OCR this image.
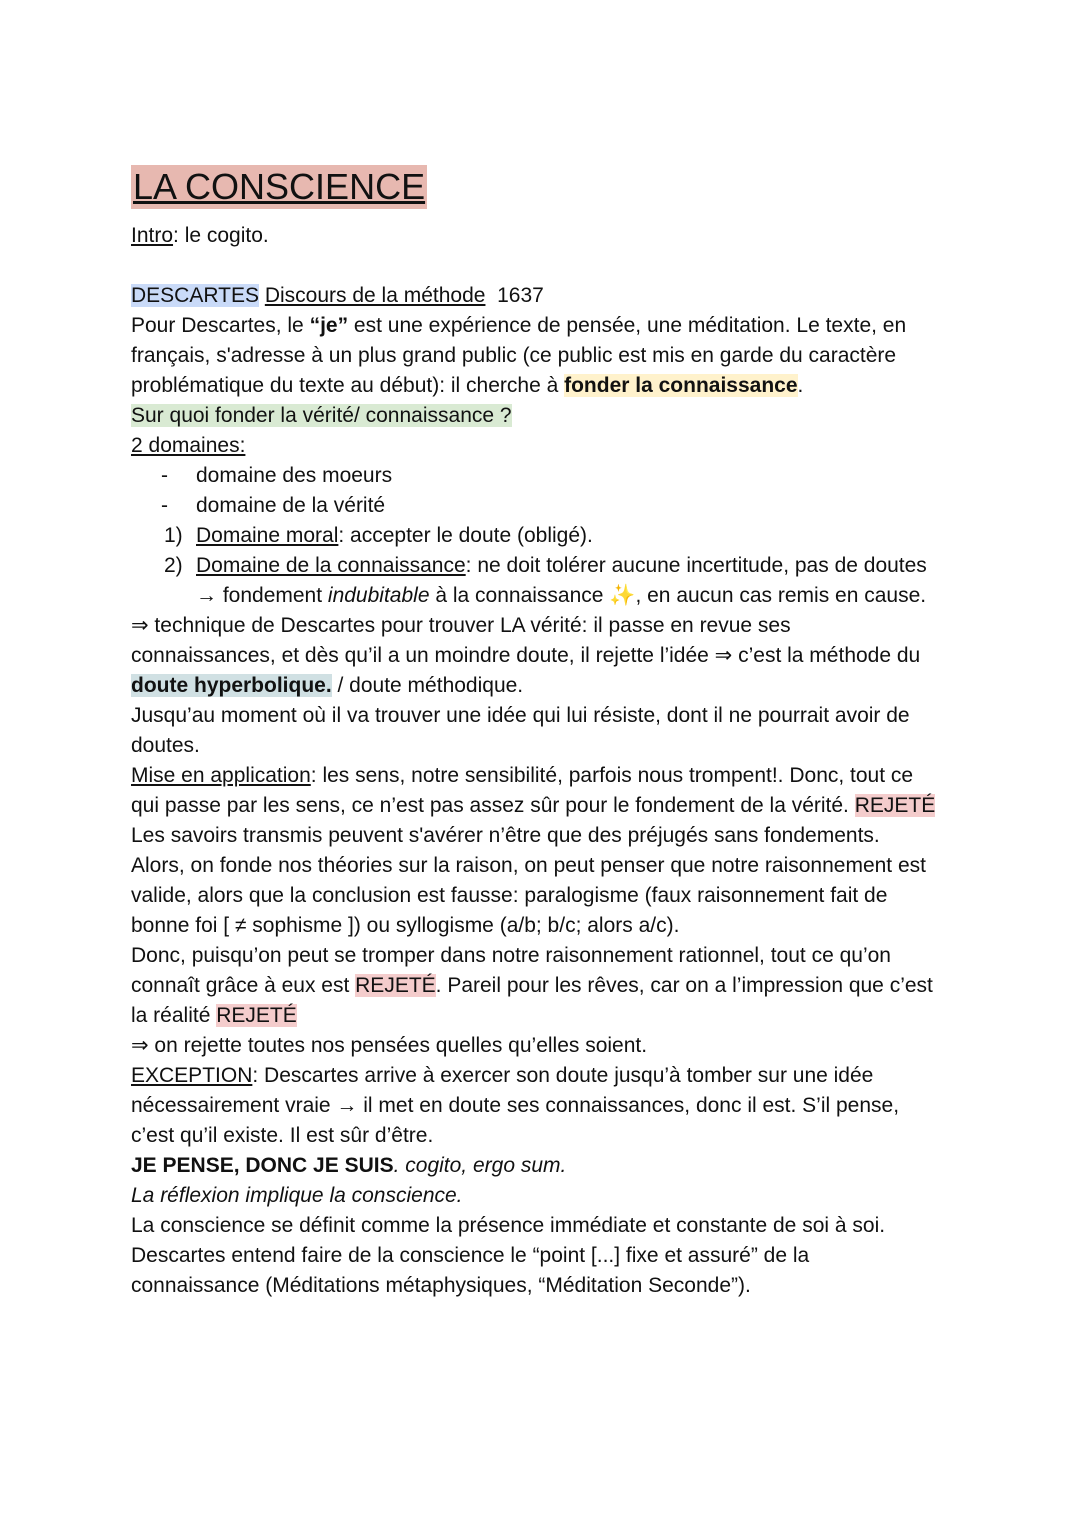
LA CONSCIENCE
Intro: le cogito.
DESCARTES Discours de la méthode 1637
Pour Descartes, le “je” est une expérience de pensée, une méditation. Le texte, en
français, s'adresse à un plus grand public (ce public est mis en garde du caractère
problématique du texte au début): il cherche à fonder la connaissance.
Sur quoi fonder la vérité/ connaissance ?
2 domaines:
- domaine des moeurs
- domaine de la vérité
1) Domaine moral: accepter le doute (obligé).
2) Domaine de la connaissance: ne doit tolérer aucune incertitude, pas de doutes
→ fondement indubitable à la connaissance ✨, en aucun cas remis en cause.
⇒ technique de Descartes pour trouver LA vérité: il passe en revue ses
connaissances, et dès qu’il a un moindre doute, il rejette l’idée ⇒ c’est la méthode du
doute hyperbolique. / doute méthodique.
Jusqu’au moment où il va trouver une idée qui lui résiste, dont il ne pourrait avoir de
doutes.
Mise en application: les sens, notre sensibilité, parfois nous trompent!. Donc, tout ce
qui passe par les sens, ce n’est pas assez sûr pour le fondement de la vérité. REJETÉ
Les savoirs transmis peuvent s'avérer n’être que des préjugés sans fondements.
Alors, on fonde nos théories sur la raison, on peut penser que notre raisonnement est
valide, alors que la conclusion est fausse: paralogisme (faux raisonnement fait de
bonne foi [ ≠ sophisme ]) ou syllogisme (a/b; b/c; alors a/c).
Donc, puisqu’on peut se tromper dans notre raisonnement rationnel, tout ce qu’on
connaît grâce à eux est REJETÉ. Pareil pour les rêves, car on a l’impression que c’est
la réalité REJETÉ
⇒ on rejette toutes nos pensées quelles qu’elles soient.
EXCEPTION: Descartes arrive à exercer son doute jusqu’à tomber sur une idée
nécessairement vraie → il met en doute ses connaissances, donc il est. S’il pense,
c’est qu’il existe. Il est sûr d’être.
JE PENSE, DONC JE SUIS. cogito, ergo sum.
La réflexion implique la conscience.
La conscience se définit comme la présence immédiate et constante de soi à soi.
Descartes entend faire de la conscience le “point [...] fixe et assuré” de la
connaissance (Méditations métaphysiques, “Méditation Seconde”).
